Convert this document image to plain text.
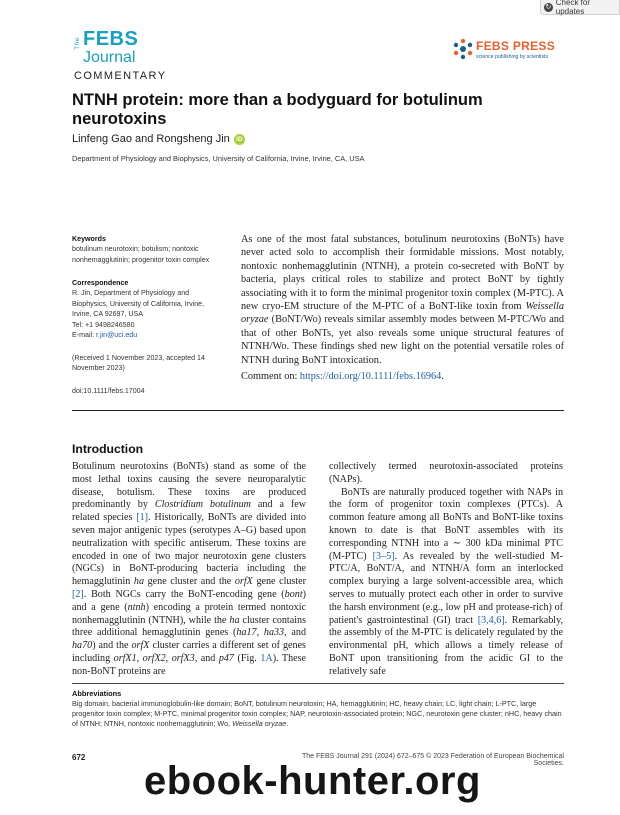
↻ Check for updates
The FEBS
Journal
COMMENTARY
FEBS PRESS
science publishing by scientists
NTNH protein: more than a bodyguard for botulinum
neurotoxins
Linfeng Gao and Rongsheng Jin iD
Department of Physiology and Biophysics, University of California, Irvine, Irvine, CA, USA
Keywords
botulinum neurotoxin; botulism; nontoxic nonhemagglutinin; progenitor toxin complex
Correspondence
R. Jin, Department of Physiology and
Biophysics, University of California, Irvine,
Irvine, CA 92697, USA
Tel: +1 9498246580
E-mail: r.jin@uci.edu
(Received 1 November 2023, accepted 14 November 2023)
doi:10.1111/febs.17004
As one of the most fatal substances, botulinum neurotoxins (BoNTs) have never acted solo to accomplish their formidable missions. Most notably, nontoxic nonhemagglutinin (NTNH), a protein co-secreted with BoNT by bacteria, plays critical roles to stabilize and protect BoNT by tightly associating with it to form the minimal progenitor toxin complex (M-PTC). A new cryo-EM structure of the M-PTC of a BoNT-like toxin from Weissella oryzae (BoNT/Wo) reveals similar assembly modes between M-PTC/Wo and that of other BoNTs, yet also reveals some unique structural features of NTNH/Wo. These findings shed new light on the potential versatile roles of NTNH during BoNT intoxication.
Comment on: https://doi.org/10.1111/febs.16964.
Introduction

Botulinum neurotoxins (BoNTs) stand as some of the most lethal toxins causing the severe neuroparalytic disease, botulism. These toxins are produced predominantly by Clostridium botulinum and a few related species [1]. Historically, BoNTs are divided into seven major antigenic types (serotypes A–G) based upon neutralization with specific antiserum. These toxins are encoded in one of two major neurotoxin gene clusters (NGCs) in BoNT-producing bacteria including the hemagglutinin ha gene cluster and the orfX gene cluster [2]. Both NGCs carry the BoNT-encoding gene (bont) and a gene (ntnh) encoding a protein termed nontoxic nonhemagglutinin (NTNH), while the ha cluster contains three additional hemagglutinin genes (ha17, ha33, and ha70) and the orfX cluster carries a different set of genes including orfX1, orfX2, orfX3, and p47 (Fig. 1A). These non-BoNT proteins are

collectively termed neurotoxin-associated proteins (NAPs).

BoNTs are naturally produced together with NAPs in the form of progenitor toxin complexes (PTCs). A common feature among all BoNTs and BoNT-like toxins known to date is that BoNT assembles with its corresponding NTNH into a ∼ 300 kDa minimal PTC (M-PTC) [3–5]. As revealed by the well-studied M-PTC/A, BoNT/A, and NTNH/A form an interlocked complex burying a large solvent-accessible area, which serves to mutually protect each other in order to survive the harsh environment (e.g., low pH and protease-rich) of patient's gastrointestinal (GI) tract [3,4,6]. Remarkably, the assembly of the M-PTC is delicately regulated by the environmental pH, which allows a timely release of BoNT upon transitioning from the acidic GI to the relatively safe

Abbreviations
Big domain, bacterial immunoglobulin-like domain; BoNT, botulinum neurotoxin; HA, hemagglutinin; HC, heavy chain; LC, light chain; L-PTC, large progenitor toxin complex; M-PTC, minimal progenitor toxin complex; NAP, neurotoxin-associated protein; NGC, neurotoxin gene cluster; nHC, heavy chain of NTNH; NTNH, nontoxic nonhemagglutinin; Wo, Weissella oryzae.
672	The FEBS Journal 291 (2024) 672–675 © 2023 Federation of European Biochemical Societies.
ebook-hunter.org
